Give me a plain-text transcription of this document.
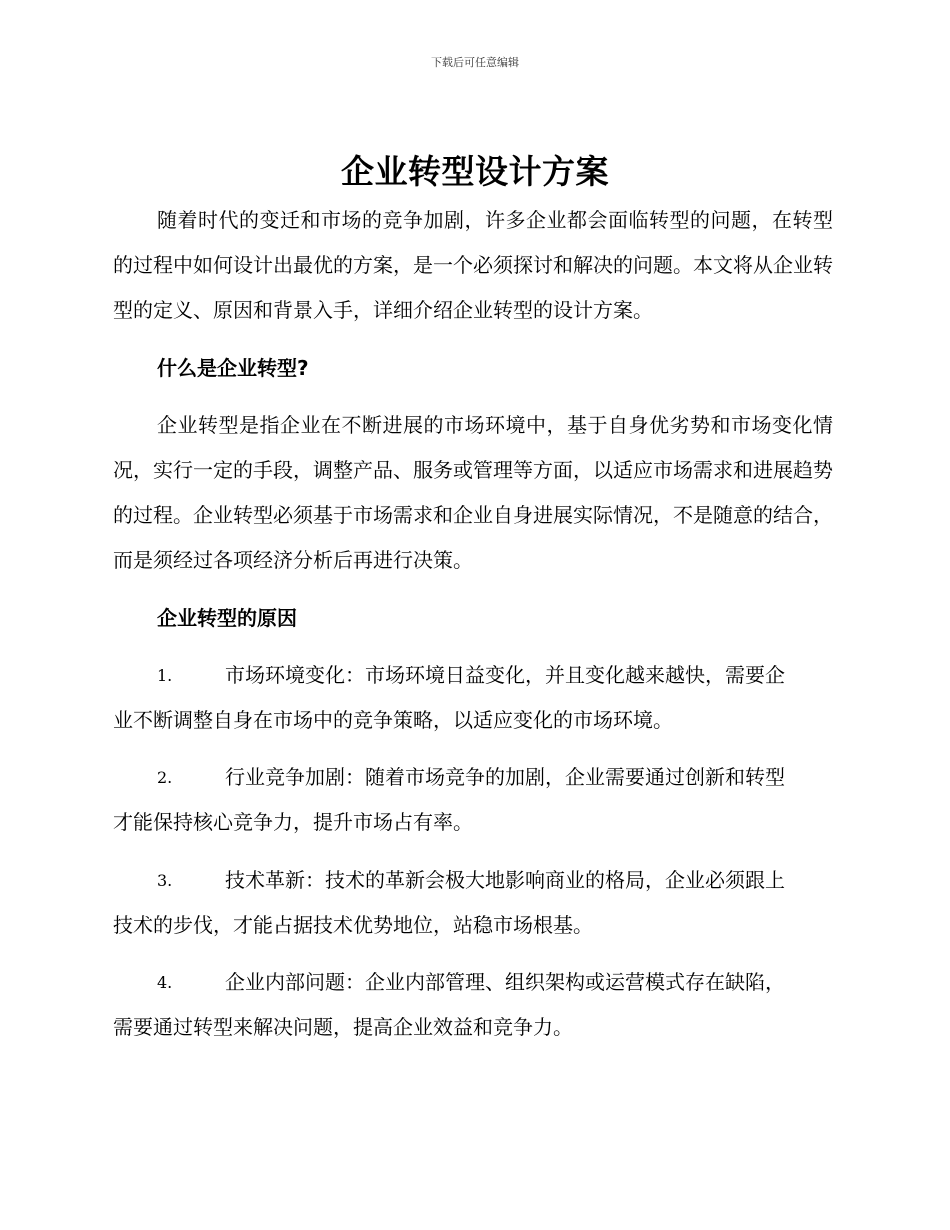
下载后可任意编辑
企业转型设计方案

随着时代的变迁和市场的竞争加剧，许多企业都会面临转型的问题，在转型的过程中如何设计出最优的方案，是一个必须探讨和解决的问题。本文将从企业转型的定义、原因和背景入手，详细介绍企业转型的设计方案。

什么是企业转型?

企业转型是指企业在不断进展的市场环境中，基于自身优劣势和市场变化情况，实行一定的手段，调整产品、服务或管理等方面，以适应市场需求和进展趋势的过程。企业转型必须基于市场需求和企业自身进展实际情况，不是随意的结合，而是须经过各项经济分析后再进行决策。

企业转型的原因
1.	市场环境变化：市场环境日益变化，并且变化越来越快，需要企
业不断调整自身在市场中的竞争策略，以适应变化的市场环境。
2.	行业竞争加剧：随着市场竞争的加剧，企业需要通过创新和转型
才能保持核心竞争力，提升市场占有率。
3.	技术革新：技术的革新会极大地影响商业的格局，企业必须跟上
技术的步伐，才能占据技术优势地位，站稳市场根基。
4.	企业内部问题：企业内部管理、组织架构或运营模式存在缺陷，
需要通过转型来解决问题，提高企业效益和竞争力。
